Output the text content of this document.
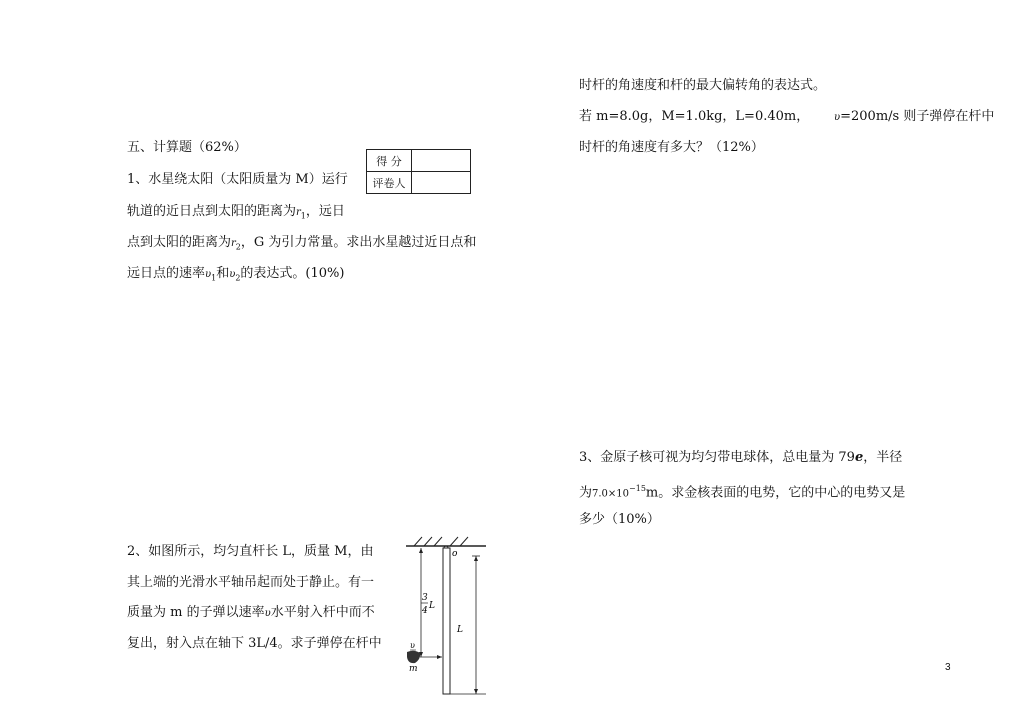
五、计算题（62%）
得 分	
评卷人	
1、水星绕太阳（太阳质量为 M）运行
轨道的近日点到太阳的距离为$r_1$，远日
点到太阳的距离为$r_2$，G 为引力常量。求出水星越过近日点和
远日点的速率$\upsilon_1$和$\upsilon_2$的表达式。(10%)
2、如图所示，均匀直杆长 L，质量 M，由
其上端的光滑水平轴吊起而处于静止。有一
质量为 m 的子弹以速率υ水平射入杆中而不
复出，射入点在轴下 3L/4。求子弹停在杆中
o
3
4 L
L
υ
m
时杆的角速度和杆的最大偏转角的表达式。
若 m=8.0g，M=1.0kg，L=0.40m， υ=200m/s 则子弹停在杆中
时杆的角速度有多大？（12%）
3、金原子核可视为均匀带电球体，总电量为 79e，半径
为$7.0\times 10^{-15}m$。求金核表面的电势，它的中心的电势又是
多少（10%）
3
